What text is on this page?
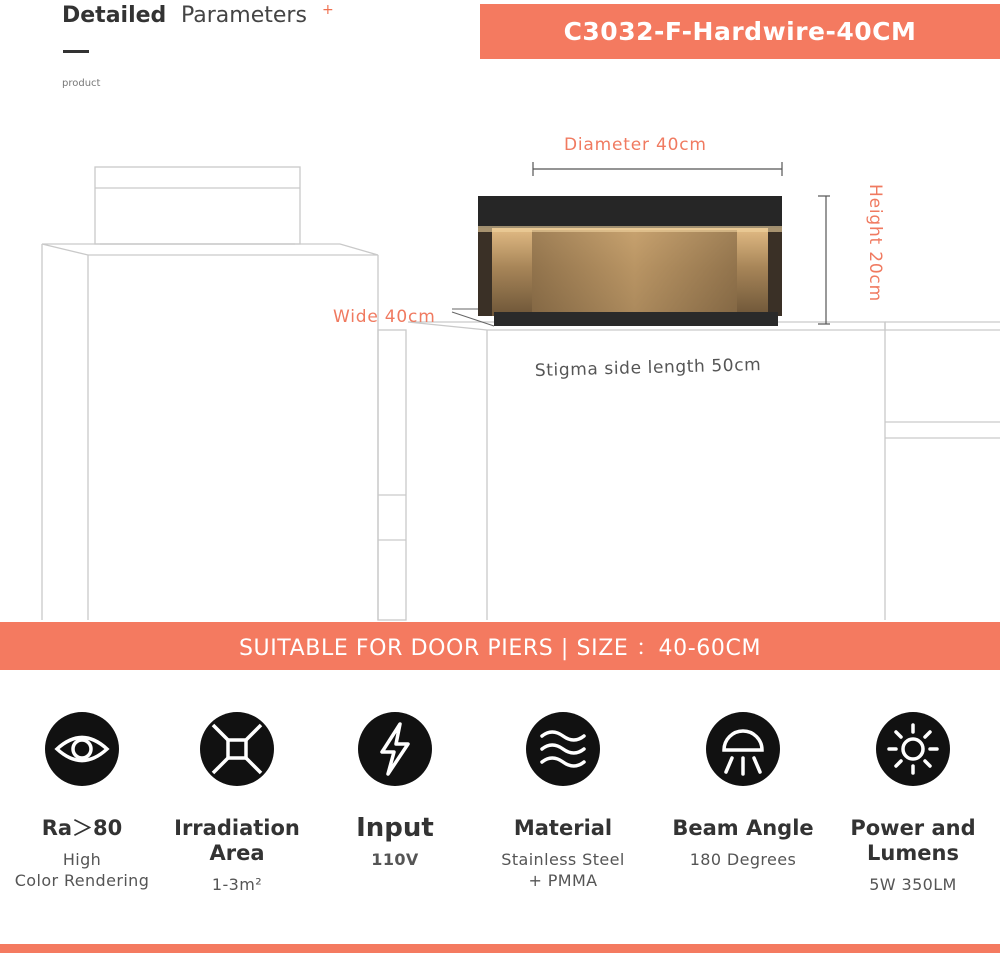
Detailed Parameters +
product
C3032-F-Hardwire-40CM
Diameter 40cm
Height 20cm
Wide 40cm
Stigma side length 50cm
SUITABLE FOR DOOR PIERS | SIZE ：40-60CM
Ra＞80
High
Color Rendering
Irradiation Area
1-3m²
Input
110V
Material
Stainless Steel
+ PMMA
Beam Angle
180 Degrees
Power and Lumens
5W 350LM
